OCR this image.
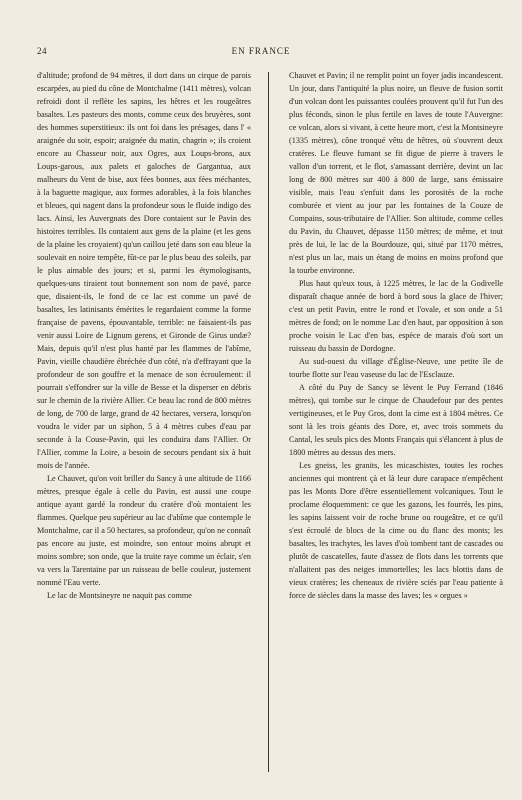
24	EN FRANCE

d'altitude; profond de 94 mètres, il dort dans un cirque de parois escarpées, au pied du cône de Montchalme (1411 mètres), volcan refroidi dont il reflète les sapins, les hêtres et les rougeâtres basaltes. Les pasteurs des monts, comme ceux des bruyères, sont des hommes superstitieux: ils ont foi dans les présages, dans l' « araignée du soir, espoir; araignée du matin, chagrin »; ils croient encore au Chasseur noir, aux Ogres, aux Loups-brons, aux Loups-garous, aux palets et galoches de Gargantua, aux malheurs du Vent de bise, aux fées bonnes, aux fées méchantes, à la baguette magique, aux formes adorables, à la fois blanches et bleues, qui nagent dans la profondeur sous le fluide indigo des lacs. Ainsi, les Auvergnats des Dore contaient sur le Pavin des histoires terribles. Ils contaient aux gens de la plaine (et les gens de la plaine les croyaient) qu'un caillou jeté dans son eau bleue la soulevait en noire tempête, fût-ce par le plus beau des soleils, par le plus aimable des jours; et si, parmi les étymologisants, quelques-uns tiraient tout bonnement son nom de pavé, parce que, disaient-ils, le fond de ce lac est comme un pavé de basaltes, les latinisants émérites le regardaient comme la forme française de pavens, épouvantable, terrible: ne faisaient-ils pas venir aussi Loire de Lignum gerens, et Gironde de Girus undæ? Mais, depuis qu'il n'est plus hanté par les flammes de l'abîme, Pavin, vieille chaudière ébréchée d'un côté, n'a d'effrayant que la profondeur de son gouffre et la menace de son écroulement: il pourrait s'effondrer sur la ville de Besse et la disperser en débris sur le chemin de la rivière Allier. Ce beau lac rond de 800 mètres de long, de 700 de large, grand de 42 hectares, versera, lorsqu'on voudra le vider par un siphon, 5 à 4 mètres cubes d'eau par seconde à la Couse-Pavin, qui les conduira dans l'Allier. Or l'Allier, comme la Loire, a besoin de secours pendant six à huit mois de l'année.

Le Chauvet, qu'on voit briller du Sancy à une altitude de 1166 mètres, presque égale à celle du Pavin, est aussi une coupe antique ayant gardé la rondeur du cratère d'où montaient les flammes. Quelque peu supérieur au lac d'abîme que contemple le Montchalme, car il a 50 hectares, sa profondeur, qu'on ne connaît pas encore au juste, est moindre, son entour moins abrupt et moins sombre; son onde, que la truite raye comme un éclair, s'en va vers la Tarentaine par un ruisseau de belle couleur, justement nommé l'Eau verte.

Le lac de Montsineyre ne naquit pas comme

Chauvet et Pavin; il ne remplit point un foyer jadis incandescent. Un jour, dans l'antiquité la plus noire, un fleuve de fusion sortit d'un volcan dont les puissantes coulées prouvent qu'il fut l'un des plus féconds, sinon le plus fertile en laves de toute l'Auvergne: ce volcan, alors si vivant, à cette heure mort, c'est la Montsineyre (1335 mètres), cône tronqué vêtu de hêtres, où s'ouvrent deux cratères. Le fleuve fumant se fit digue de pierre à travers le vallon d'un torrent, et le flot, s'amassant derrière, devint un lac long de 800 mètres sur 400 à 800 de large, sans émissaire visible, mais l'eau s'enfuit dans les porosités de la roche comburée et vient au jour par les fontaines de la Couze de Compains, sous-tributaire de l'Allier. Son altitude, comme celles du Pavin, du Chauvet, dépasse 1150 mètres; de même, et tout près de lui, le lac de la Bourdouze, qui, situé par 1170 mètres, n'est plus un lac, mais un étang de moins en moins profond que la tourbe environne.

Plus haut qu'eux tous, à 1225 mètres, le lac de la Godivelle disparaît chaque année de bord à bord sous la glace de l'hiver; c'est un petit Pavin, entre le rond et l'ovale, et son onde a 51 mètres de fond; on le nomme Lac d'en haut, par opposition à son proche voisin le Lac d'en bas, espèce de marais d'où sort un ruisseau du bassin de Dordogne.

Au sud-ouest du village d'Église-Neuve, une petite île de tourbe flotte sur l'eau vaseuse du lac de l'Esclauze.

A côté du Puy de Sancy se lèvent le Puy Ferrand (1846 mètres), qui tombe sur le cirque de Chaudefour par des pentes vertigineuses, et le Puy Gros, dont la cime est à 1804 mètres. Ce sont là les trois géants des Dore, et, avec trois sommets du Cantal, les seuls pics des Monts Français qui s'élancent à plus de 1800 mètres au dessus des mers.

Les gneiss, les granits, les micaschistes, toutes les roches anciennes qui montrent çà et là leur dure carapace n'empêchent pas les Monts Dore d'être essentiellement volcaniques. Tout le proclame éloquemment: ce que les gazons, les fourrés, les pins, les sapins laissent voir de roche brune ou rougeâtre, et ce qu'il s'est écroulé de blocs de la cime ou du flanc des monts; les basaltes, les trachytes, les laves d'où tombent tant de cascades ou plutôt de cascatelles, faute d'assez de flots dans les torrents que n'allaitent pas des neiges immortelles; les lacs blottis dans de vieux cratères; les cheneaux de rivière sciés par l'eau patiente à force de siècles dans la masse des laves; les « orgues »
